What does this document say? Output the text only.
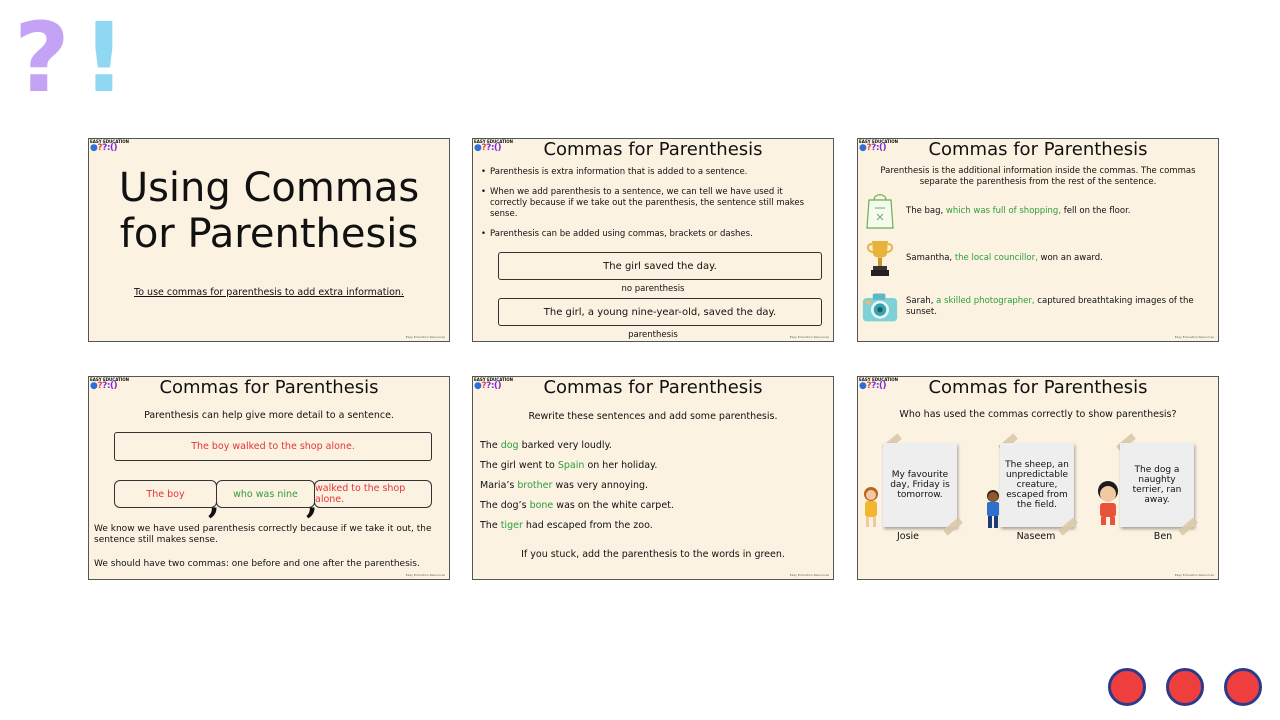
? !
EASY EDUCATION
●??:()
Using Commas for Parenthesis
To use commas for parenthesis to add extra information.
Easy Education Resources
EASY EDUCATION
●??:()	Commas for Parenthesis
• Parenthesis is extra information that is added to a sentence.
• When we add parenthesis to a sentence, we can tell we have used it correctly because if we take out the parenthesis, the sentence still makes sense.
• Parenthesis can be added using commas, brackets or dashes.
The girl saved the day.
no parenthesis
The girl, a young nine-year-old, saved the day.
parenthesis	Easy Education Resources
EASY EDUCATION
●??:()	Commas for Parenthesis
Parenthesis is the additional information inside the commas. The commas separate the parenthesis from the rest of the sentence.
The bag, which was full of shopping, fell on the floor.
Samantha, the local councillor, won an award.
Sarah, a skilled photographer, captured breathtaking images of the sunset.
Easy Education Resources
EASY EDUCATION
●??:()	Commas for Parenthesis
Parenthesis can help give more detail to a sentence.
The boy walked to the shop alone.
The boy	who was nine	walked to the shop alone.
,	,
We know we have used parenthesis correctly because if we take it out, the sentence still makes sense.
We should have two commas: one before and one after the parenthesis.
Easy Education Resources
EASY EDUCATION
●??:()	Commas for Parenthesis
Rewrite these sentences and add some parenthesis.
The dog barked very loudly.
The girl went to Spain on her holiday.
Maria’s brother was very annoying.
The dog’s bone was on the white carpet.
The tiger had escaped from the zoo.
If you stuck, add the parenthesis to the words in green.
Easy Education Resources
EASY EDUCATION
●??:()	Commas for Parenthesis
Who has used the commas correctly to show parenthesis?
My favourite day, Friday is tomorrow.
Josie
The sheep, an unpredictable creature, escaped from the field.
Naseem
The dog a naughty terrier, ran away.
Ben
Easy Education Resources
